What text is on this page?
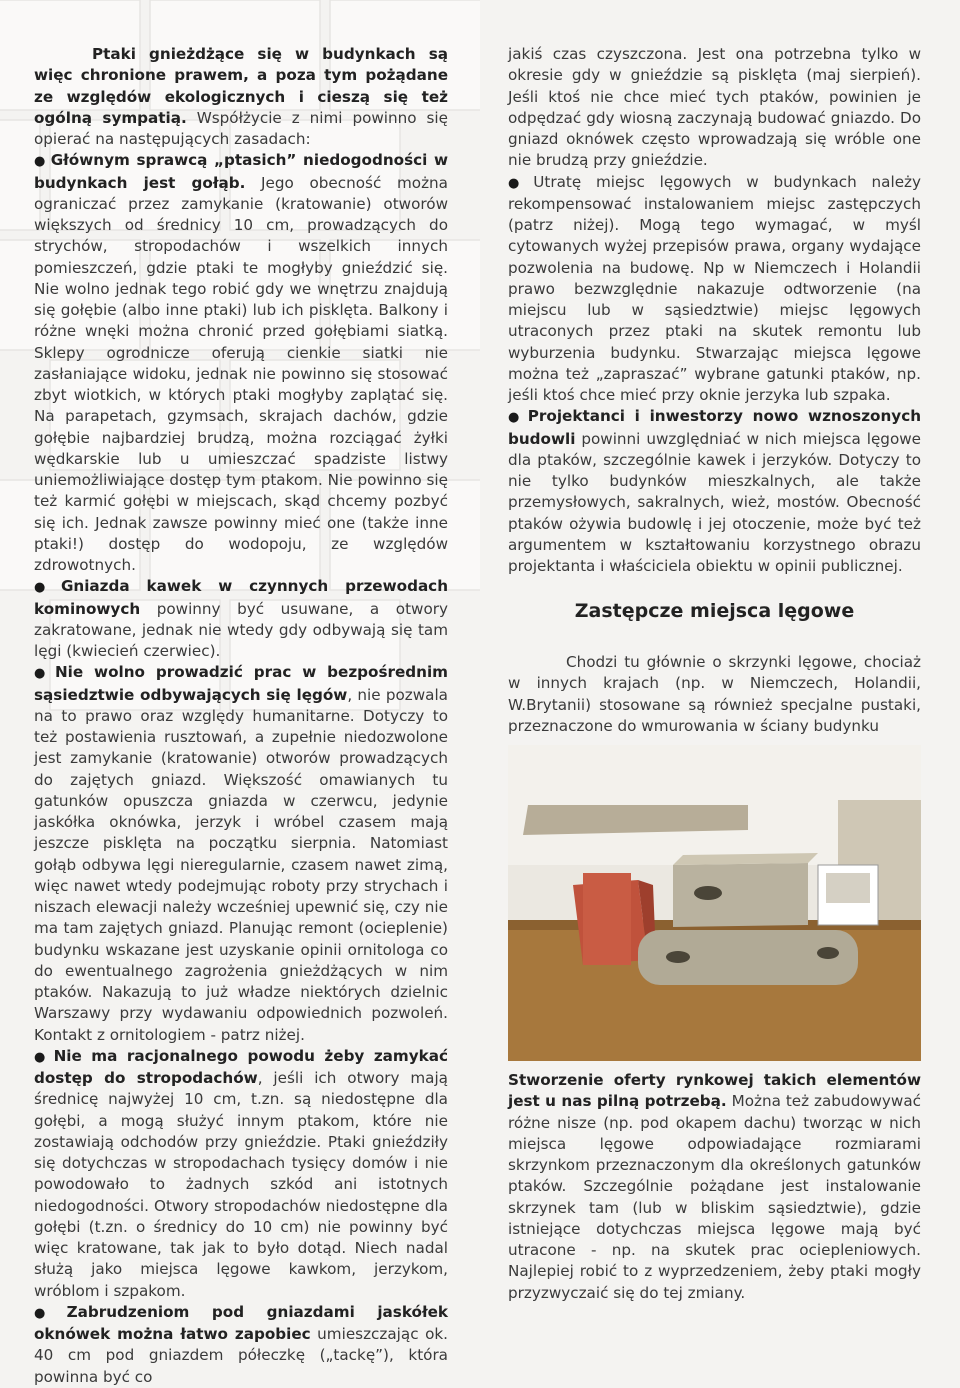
Ptaki gnieżdżące się w budynkach są więc chronione prawem, a poza tym pożądane ze względów ekologicznych i cieszą się też ogólną sympatią. Współżycie z nimi powinno się opierać na następujących zasadach:

● Głównym sprawcą „ptasich” niedogodności w budynkach jest gołąb. Jego obecność można ograniczać przez zamykanie (kratowanie) otworów większych od średnicy 10 cm, prowadzących do strychów, stropodachów i wszelkich innych pomieszczeń, gdzie ptaki te mogłyby gnieździć się. Nie wolno jednak tego robić gdy we wnętrzu znajdują się gołębie (albo inne ptaki) lub ich pisklęta. Balkony i różne wnęki można chronić przed gołębiami siatką. Sklepy ogrodnicze oferują cienkie siatki nie zasłaniające widoku, jednak nie powinno się stosować zbyt wiotkich, w których ptaki mogłyby zaplątać się. Na parapetach, gzymsach, skrajach dachów, gdzie gołębie najbardziej brudzą, można rozciągać żyłki wędkarskie lub u umieszczać spadziste listwy uniemożliwiające dostęp tym ptakom. Nie powinno się też karmić gołębi w miejscach, skąd chcemy pozbyć się ich. Jednak zawsze powinny mieć one (także inne ptaki!) dostęp do wodopoju, ze względów zdrowotnych.

● Gniazda kawek w czynnych przewodach kominowych powinny być usuwane, a otwory zakratowane, jednak nie wtedy gdy odbywają się tam lęgi (kwiecień czerwiec).

● Nie wolno prowadzić prac w bezpośrednim sąsiedztwie odbywających się lęgów, nie pozwala na to prawo oraz względy humanitarne. Dotyczy to też postawienia rusztowań, a zupełnie niedozwolone jest zamykanie (kratowanie) otworów prowadzących do zajętych gniazd. Większość omawianych tu gatunków opuszcza gniazda w czerwcu, jedynie jaskółka oknówka, jerzyk i wróbel czasem mają jeszcze pisklęta na początku sierpnia. Natomiast gołąb odbywa lęgi nieregularnie, czasem nawet zimą, więc nawet wtedy podejmując roboty przy strychach i niszach elewacji należy wcześniej upewnić się, czy nie ma tam zajętych gniazd. Planując remont (ocieplenie) budynku wskazane jest uzyskanie opinii ornitologa co do ewentualnego zagrożenia gnieżdżących w nim ptaków. Nakazują to już władze niektórych dzielnic Warszawy przy wydawaniu odpowiednich pozwoleń. Kontakt z ornitologiem - patrz niżej.

● Nie ma racjonalnego powodu żeby zamykać dostęp do stropodachów, jeśli ich otwory mają średnicę najwyżej 10 cm, t.zn. są niedostępne dla gołębi, a mogą służyć innym ptakom, które nie zostawiają odchodów przy gnieździe. Ptaki gnieździły się dotychczas w stropodachach tysięcy domów i nie powodowało to żadnych szkód ani istotnych niedogodności. Otwory stropodachów niedostępne dla gołębi (t.zn. o średnicy do 10 cm) nie powinny być więc kratowane, tak jak to było dotąd. Niech nadal służą jako miejsca lęgowe kawkom, jerzykom, wróblom i szpakom.

● Zabrudzeniom pod gniazdami jaskółek oknówek można łatwo zapobiec umieszczając ok. 40 cm pod gniazdem półeczkę („tackę”), która powinna być co

jakiś czas czyszczona. Jest ona potrzebna tylko w okresie gdy w gnieździe są pisklęta (maj sierpień). Jeśli ktoś nie chce mieć tych ptaków, powinien je odpędzać gdy wiosną zaczynają budować gniazdo. Do gniazd oknówek często wprowadzają się wróble one nie brudzą przy gnieździe.

● Utratę miejsc lęgowych w budynkach należy rekompensować instalowaniem miejsc zastępczych (patrz niżej). Mogą tego wymagać, w myśl cytowanych wyżej przepisów prawa, organy wydające pozwolenia na budowę. Np w Niemczech i Holandii prawo bezwzględnie nakazuje odtworzenie (na miejscu lub w sąsiedztwie) miejsc lęgowych utraconych przez ptaki na skutek remontu lub wyburzenia budynku. Stwarzając miejsca lęgowe można też „zapraszać” wybrane gatunki ptaków, np. jeśli ktoś chce mieć przy oknie jerzyka lub szpaka.

● Projektanci i inwestorzy nowo wznoszonych budowli powinni uwzględniać w nich miejsca lęgowe dla ptaków, szczególnie kawek i jerzyków. Dotyczy to nie tylko budynków mieszkalnych, ale także przemysłowych, sakralnych, wież, mostów. Obecność ptaków ożywia budowlę i jej otoczenie, może być też argumentem w kształtowaniu korzystnego obrazu projektanta i właściciela obiektu w opinii publicznej.

Zastępcze miejsca lęgowe

Chodzi tu głównie o skrzynki lęgowe, chociaż w innych krajach (np. w Niemczech, Holandii, W.Brytanii) stosowane są również specjalne pustaki, przeznaczone do wmurowania w ściany budynku

Stworzenie oferty rynkowej takich elementów jest u nas pilną potrzebą. Można też zabudowywać różne nisze (np. pod okapem dachu) tworząc w nich miejsca lęgowe odpowiadające rozmiarami skrzynkom przeznaczonym dla określonych gatunków ptaków. Szczególnie pożądane jest instalowanie skrzynek tam (lub w bliskim sąsiedztwie), gdzie istniejące dotychczas miejsca lęgowe mają być utracone - np. na skutek prac ociepleniowych. Najlepiej robić to z wyprzedzeniem, żeby ptaki mogły przyzwyczaić się do tej zmiany.
